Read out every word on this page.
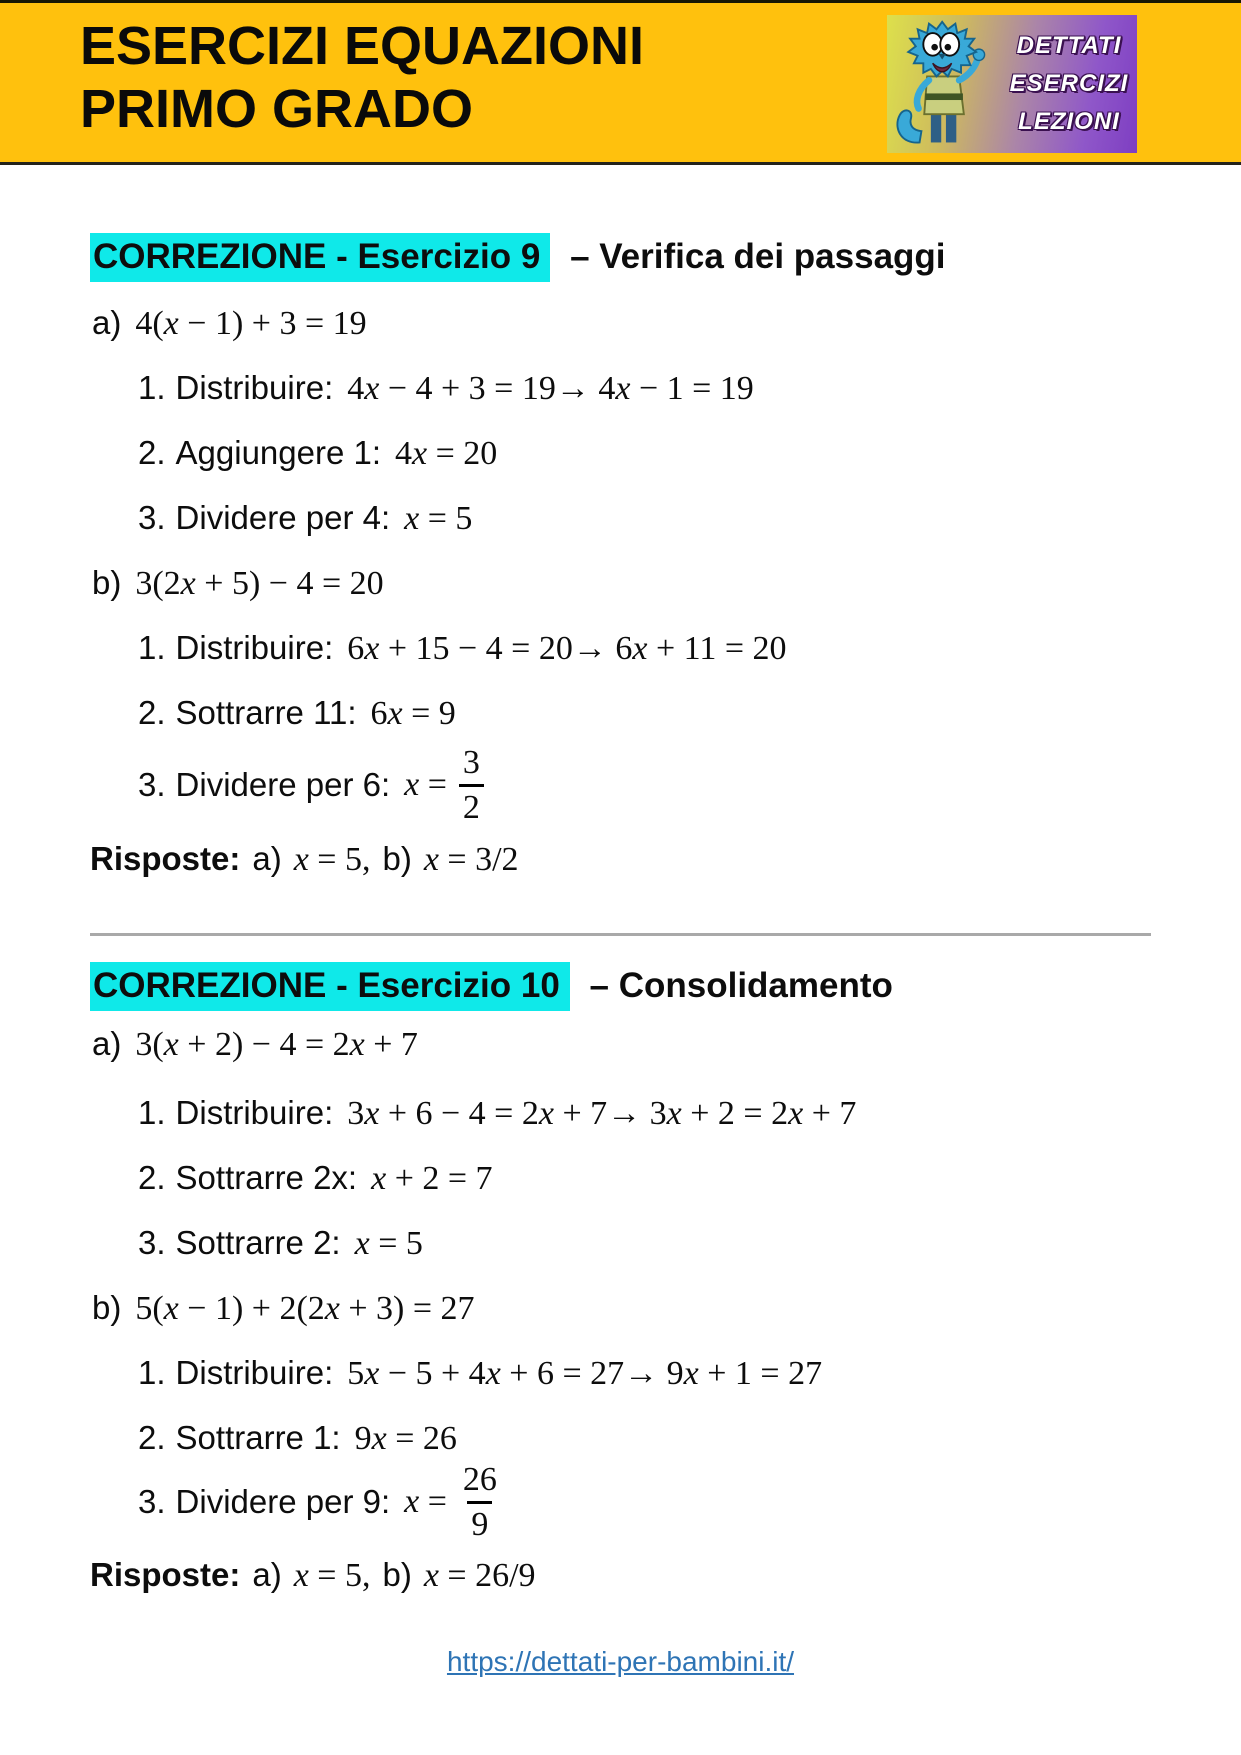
ESERCIZI EQUAZIONI
PRIMO GRADO
DETTATI
ESERCIZI
LEZIONI
CORREZIONE - Esercizio 9 – Verifica dei passaggi
a) 4(x − 1) + 3 = 19
1. Distribuire: 4x − 4 + 3 = 19→ 4x − 1 = 19
2. Aggiungere 1: 4x = 20
3. Dividere per 4: x = 5
b) 3(2x + 5) − 4 = 20
1. Distribuire: 6x + 15 − 4 = 20→ 6x + 11 = 20
2. Sottrarre 11: 6x = 9
3. Dividere per 6: $x = \frac{3}{2}$
Risposte: a) x = 5, b) x = 3/2
CORREZIONE - Esercizio 10 – Consolidamento
a) 3(x + 2) − 4 = 2x + 7
1. Distribuire: 3x + 6 − 4 = 2x + 7→ 3x + 2 = 2x + 7
2. Sottrarre 2x: x + 2 = 7
3. Sottrarre 2: x = 5
b) 5(x − 1) + 2(2x + 3) = 27
1. Distribuire: 5x − 5 + 4x + 6 = 27→ 9x + 1 = 27
2. Sottrarre 1: 9x = 26
3. Dividere per 9: $x = \frac{26}{9}$
Risposte: a) x = 5, b) x = 26/9
https://dettati-per-bambini.it/
